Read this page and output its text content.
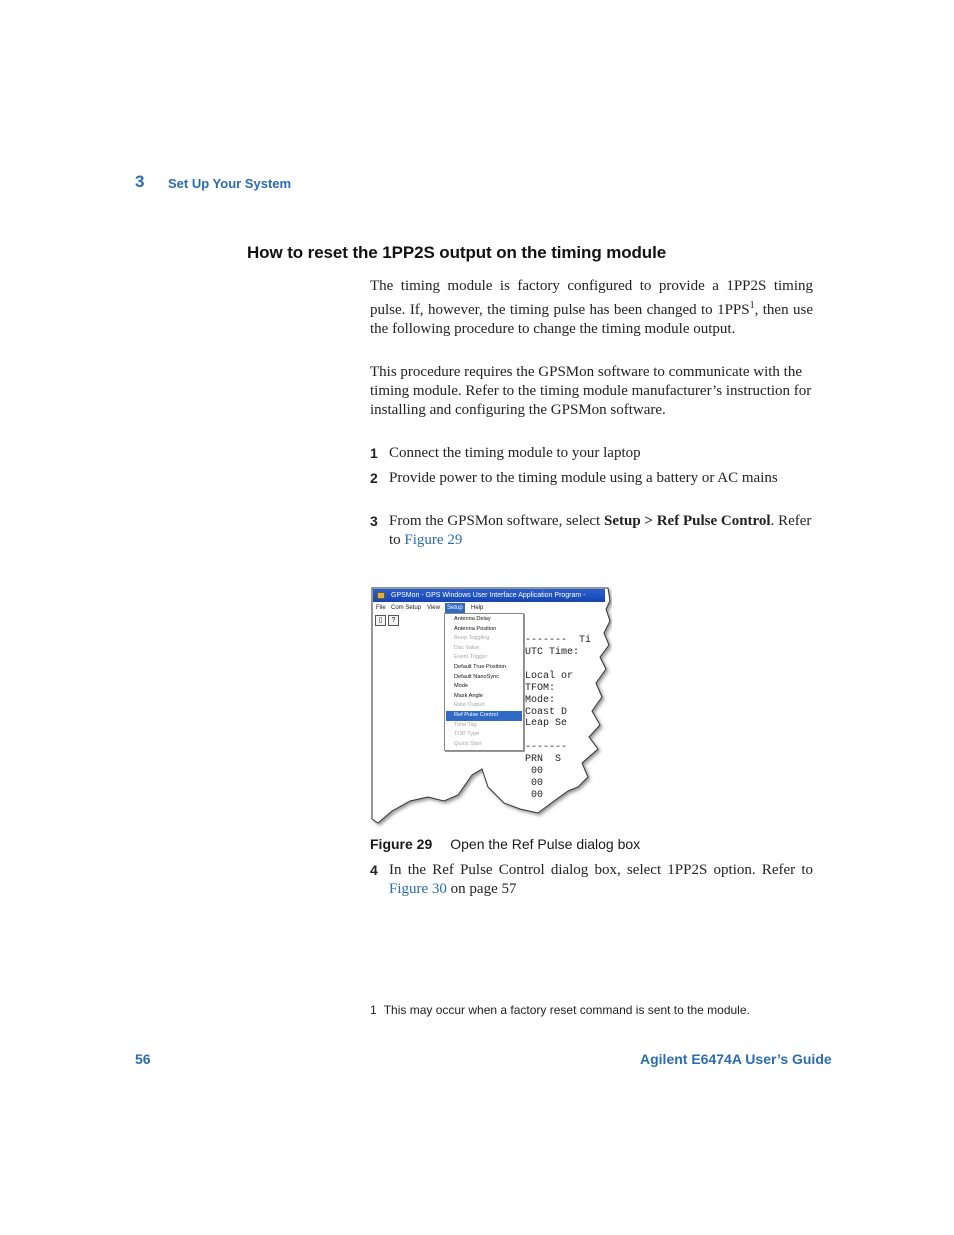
3 Set Up Your System
How to reset the 1PP2S output on the timing module
The timing module is factory configured to provide a 1PP2S timing pulse. If, however, the timing pulse has been changed to 1PPS$^1$, then use the following procedure to change the timing module output.
This procedure requires the GPSMon software to communicate with the timing module. Refer to the timing module manufacturer’s instruction for installing and configuring the GPSMon software.
1 Connect the timing module to your laptop
2 Provide power to the timing module using a battery or AC mains
3 From the GPSMon software, select Setup > Ref Pulse Control. Refer to Figure 29
GPSMon - GPS Windows User Interface Application Program -
File Com Setup View	Setup	Help
▯	?
-------  Ti
UTC Time:
Local or
TFOM:
Mode:
Coast D
Leap Se
-------
PRN  S
00
00
00
Antenna Delay
Antenna Position
Beep Toggling
Dac Value
Event Trigger
Default True Position
Default NanoSync
Mode
Mask Angle
Rate Output
Ref Pulse Control
Time Tag
TOD Type
Quick Start
Figure 29 Open the Ref Pulse dialog box
4 In the Ref Pulse Control dialog box, select 1PP2S option. Refer to Figure 30 on page 57
1 This may occur when a factory reset command is sent to the module.
56	Agilent E6474A User’s Guide
